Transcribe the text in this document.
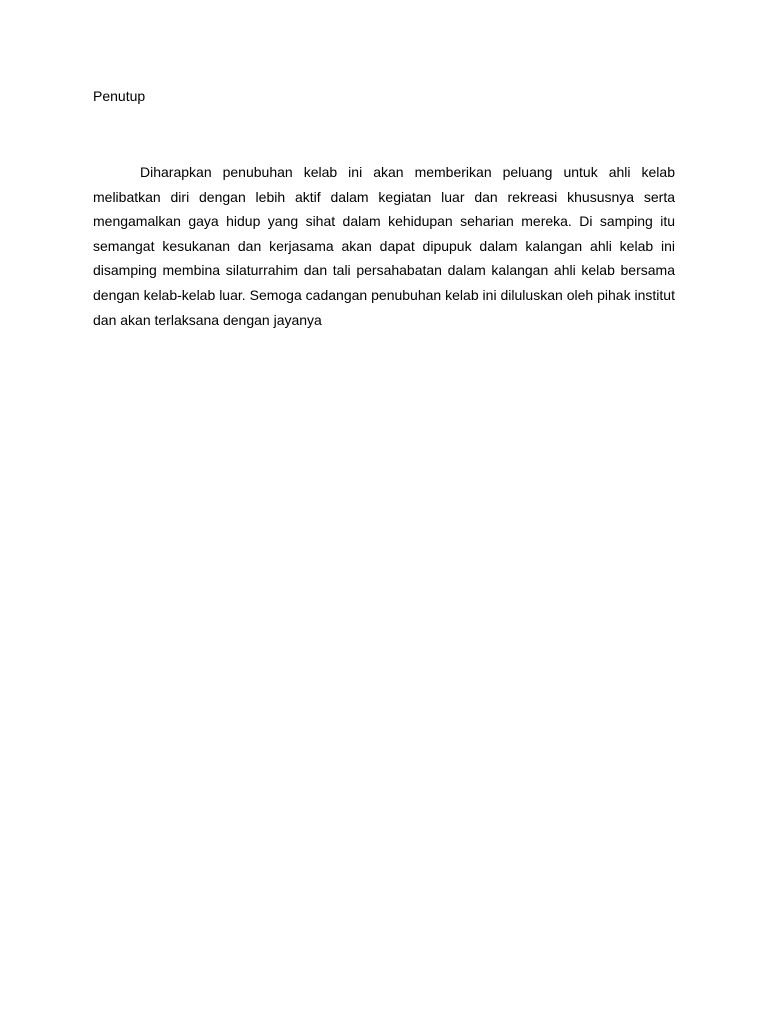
Penutup

Diharapkan penubuhan kelab ini akan memberikan peluang untuk ahli kelab melibatkan diri dengan lebih aktif dalam kegiatan luar dan rekreasi khususnya serta mengamalkan gaya hidup yang sihat dalam kehidupan seharian mereka. Di samping itu semangat kesukanan dan kerjasama akan dapat dipupuk dalam kalangan ahli kelab ini disamping membina silaturrahim dan tali persahabatan dalam kalangan ahli kelab bersama dengan kelab-kelab luar. Semoga cadangan penubuhan kelab ini diluluskan oleh pihak institut dan akan terlaksana dengan jayanya
